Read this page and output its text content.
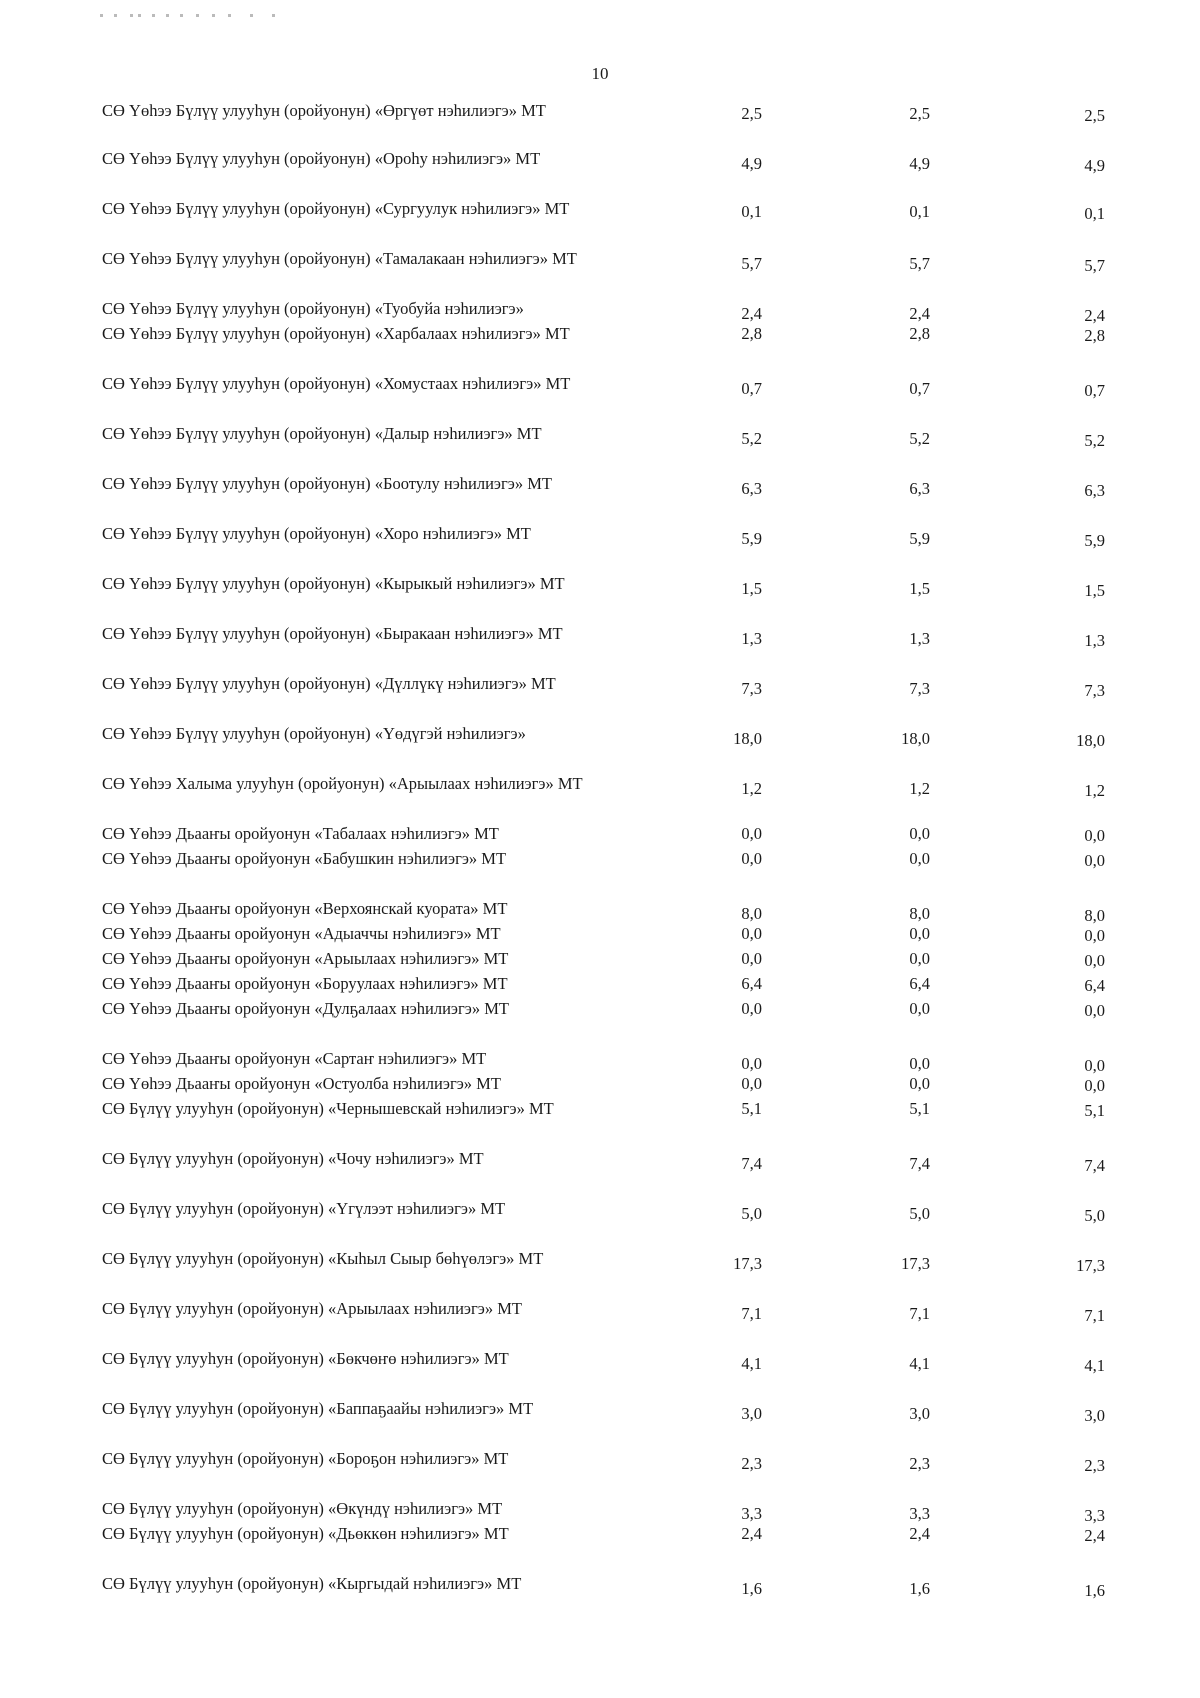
10
СӨ Үөһээ Бүлүү улууһун (оройуонун) «Өргүөт нэһилиэгэ» МТ	2,5	2,5	2,5
СӨ Үөһээ Бүлүү улууһун (оройуонун) «Ороһу нэһилиэгэ» МТ	4,9	4,9	4,9
СӨ Үөһээ Бүлүү улууһун (оройуонун) «Сургуулук нэһилиэгэ» МТ	0,1	0,1	0,1
СӨ Үөһээ Бүлүү улууһун (оройуонун) «Тамалакаан нэһилиэгэ» МТ	5,7	5,7	5,7
СӨ Үөһээ Бүлүү улууһун (оройуонун) «Туобуйа нэһилиэгэ»	2,4	2,4	2,4
СӨ Үөһээ Бүлүү улууһун (оройуонун) «Харбалаах нэһилиэгэ» МТ	2,8	2,8	2,8
СӨ Үөһээ Бүлүү улууһун (оройуонун) «Хомустаах нэһилиэгэ» МТ	0,7	0,7	0,7
СӨ Үөһээ Бүлүү улууһун (оройуонун) «Далыр нэһилиэгэ» МТ	5,2	5,2	5,2
СӨ Үөһээ Бүлүү улууһун (оройуонун) «Боотулу нэһилиэгэ» МТ	6,3	6,3	6,3
СӨ Үөһээ Бүлүү улууһун (оройуонун) «Хоро нэһилиэгэ» МТ	5,9	5,9	5,9
СӨ Үөһээ Бүлүү улууһун (оройуонун) «Кырыкый нэһилиэгэ» МТ	1,5	1,5	1,5
СӨ Үөһээ Бүлүү улууһун (оройуонун) «Быракаан нэһилиэгэ» МТ	1,3	1,3	1,3
СӨ Үөһээ Бүлүү улууһун (оройуонун) «Дүллүкү нэһилиэгэ» МТ	7,3	7,3	7,3
СӨ Үөһээ Бүлүү улууһун (оройуонун) «Үөдүгэй нэһилиэгэ»	18,0	18,0	18,0
СӨ Үөһээ Халыма улууһун (оройуонун) «Арыылаах нэһилиэгэ» МТ	1,2	1,2	1,2
СӨ Үөһээ Дьааҥы оройуонун «Табалаах нэһилиэгэ» МТ	0,0	0,0	0,0
СӨ Үөһээ Дьааҥы оройуонун «Бабушкин нэһилиэгэ» МТ	0,0	0,0	0,0
СӨ Үөһээ Дьааҥы оройуонун «Верхоянскай куората» МТ	8,0	8,0	8,0
СӨ Үөһээ Дьааҥы оройуонун «Адыаччы нэһилиэгэ» МТ	0,0	0,0	0,0
СӨ Үөһээ Дьааҥы оройуонун «Арыылаах нэһилиэгэ» МТ	0,0	0,0	0,0
СӨ Үөһээ Дьааҥы оройуонун «Боруулаах нэһилиэгэ» МТ	6,4	6,4	6,4
СӨ Үөһээ Дьааҥы оройуонун «Дулҕалаах нэһилиэгэ» МТ	0,0	0,0	0,0
СӨ Үөһээ Дьааҥы оройуонун «Сартаҥ нэһилиэгэ» МТ	0,0	0,0	0,0
СӨ Үөһээ Дьааҥы оройуонун «Остуолба нэһилиэгэ» МТ	0,0	0,0	0,0
СӨ Бүлүү улууһун (оройуонун) «Чернышевскай нэһилиэгэ» МТ	5,1	5,1	5,1
СӨ Бүлүү улууһун (оройуонун) «Чочу нэһилиэгэ» МТ	7,4	7,4	7,4
СӨ Бүлүү улууһун (оройуонун) «Үгүлээт нэһилиэгэ» МТ	5,0	5,0	5,0
СӨ Бүлүү улууһун (оройуонун) «Кыһыл Сыыр бөһүөлэгэ» МТ	17,3	17,3	17,3
СӨ Бүлүү улууһун (оройуонун) «Арыылаах нэһилиэгэ» МТ	7,1	7,1	7,1
СӨ Бүлүү улууһун (оройуонун) «Бөкчөҥө нэһилиэгэ» МТ	4,1	4,1	4,1
СӨ Бүлүү улууһун (оройуонун) «Баппаҕаайы нэһилиэгэ» МТ	3,0	3,0	3,0
СӨ Бүлүү улууһун (оройуонун) «Бороҕон нэһилиэгэ» МТ	2,3	2,3	2,3
СӨ Бүлүү улууһун (оройуонун) «Өкүндү нэһилиэгэ» МТ	3,3	3,3	3,3
СӨ Бүлүү улууһун (оройуонун) «Дьөккөн нэһилиэгэ» МТ	2,4	2,4	2,4
СӨ Бүлүү улууһун (оройуонун) «Кыргыдай нэһилиэгэ» МТ	1,6	1,6	1,6
